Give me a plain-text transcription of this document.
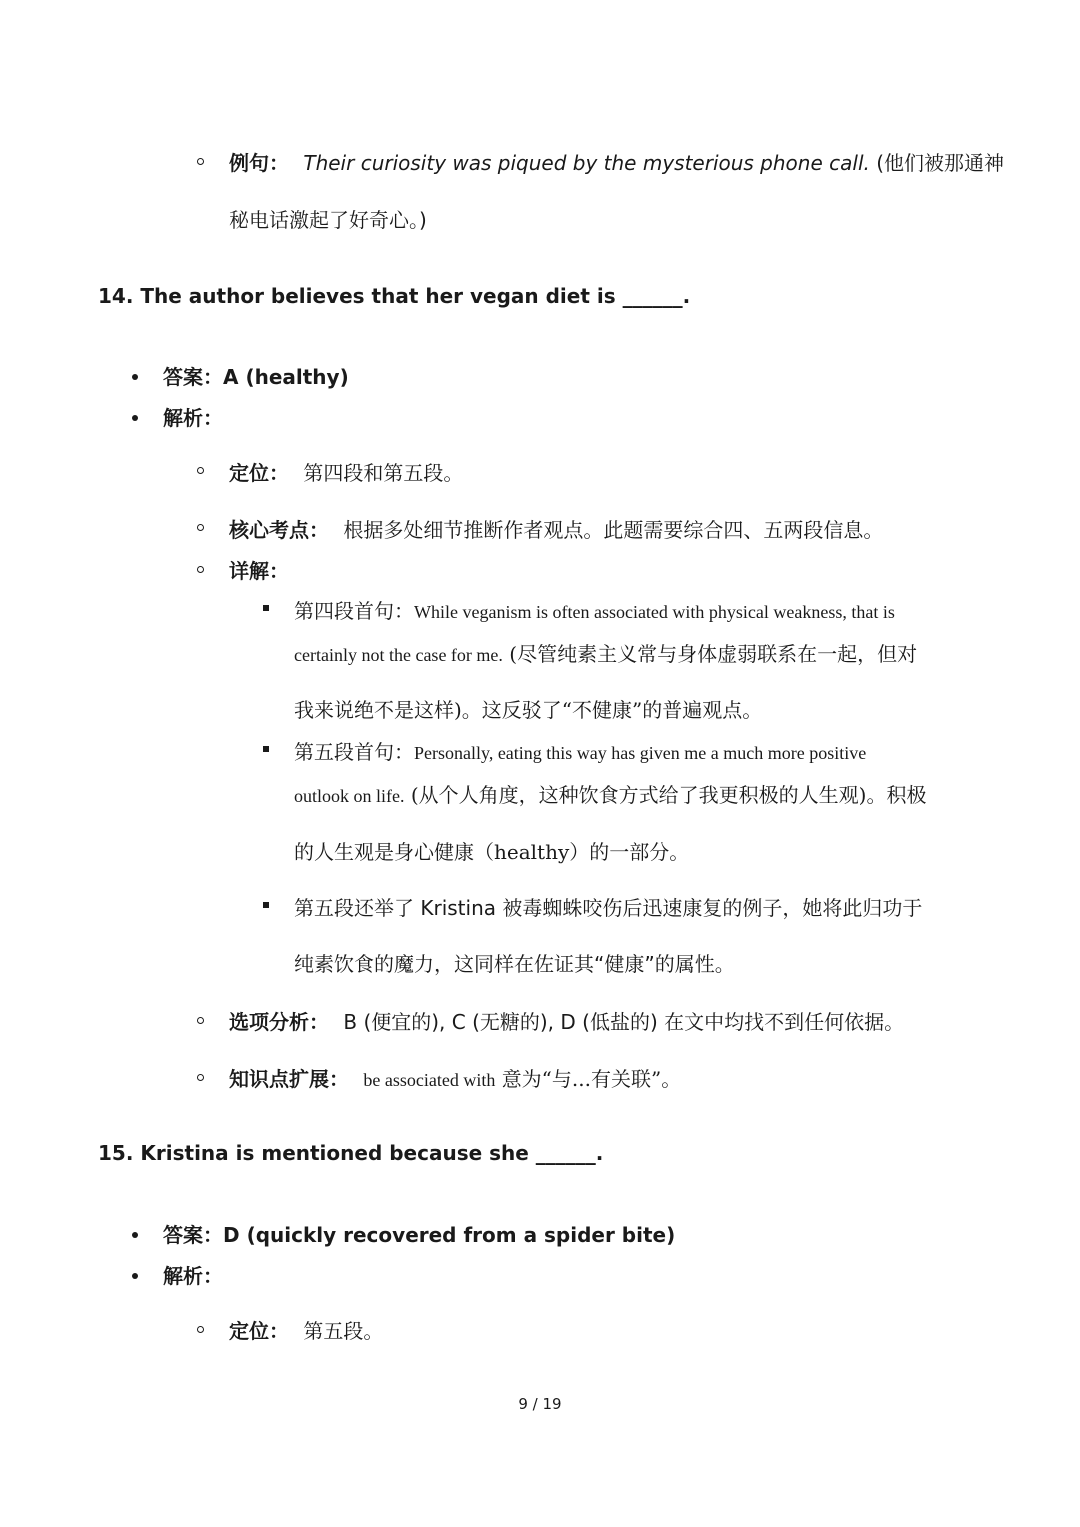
例句： Their curiosity was piqued by the mysterious phone call. (他们被那通神
秘电话激起了好奇心。)
14. The author believes that her vegan diet is ______.
答案：A (healthy)
解析：
定位： 第四段和第五段。
核心考点： 根据多处细节推断作者观点。此题需要综合四、五两段信息。
详解：
第四段首句：While veganism is often associated with physical weakness, that is
certainly not the case for me. (尽管纯素主义常与身体虚弱联系在一起，但对
我来说绝不是这样)。这反驳了“不健康”的普遍观点。
第五段首句：Personally, eating this way has given me a much more positive
outlook on life. (从个人角度，这种饮食方式给了我更积极的人生观)。积极
的人生观是身心健康（healthy）的一部分。
第五段还举了 Kristina 被毒蜘蛛咬伤后迅速康复的例子，她将此归功于
纯素饮食的魔力，这同样在佐证其“健康”的属性。
选项分析： B (便宜的), C (无糖的), D (低盐的) 在文中均找不到任何依据。
知识点扩展： be associated with 意为“与...有关联”。
15. Kristina is mentioned because she ______.
答案：D (quickly recovered from a spider bite)
解析：
定位： 第五段。
9 / 19
